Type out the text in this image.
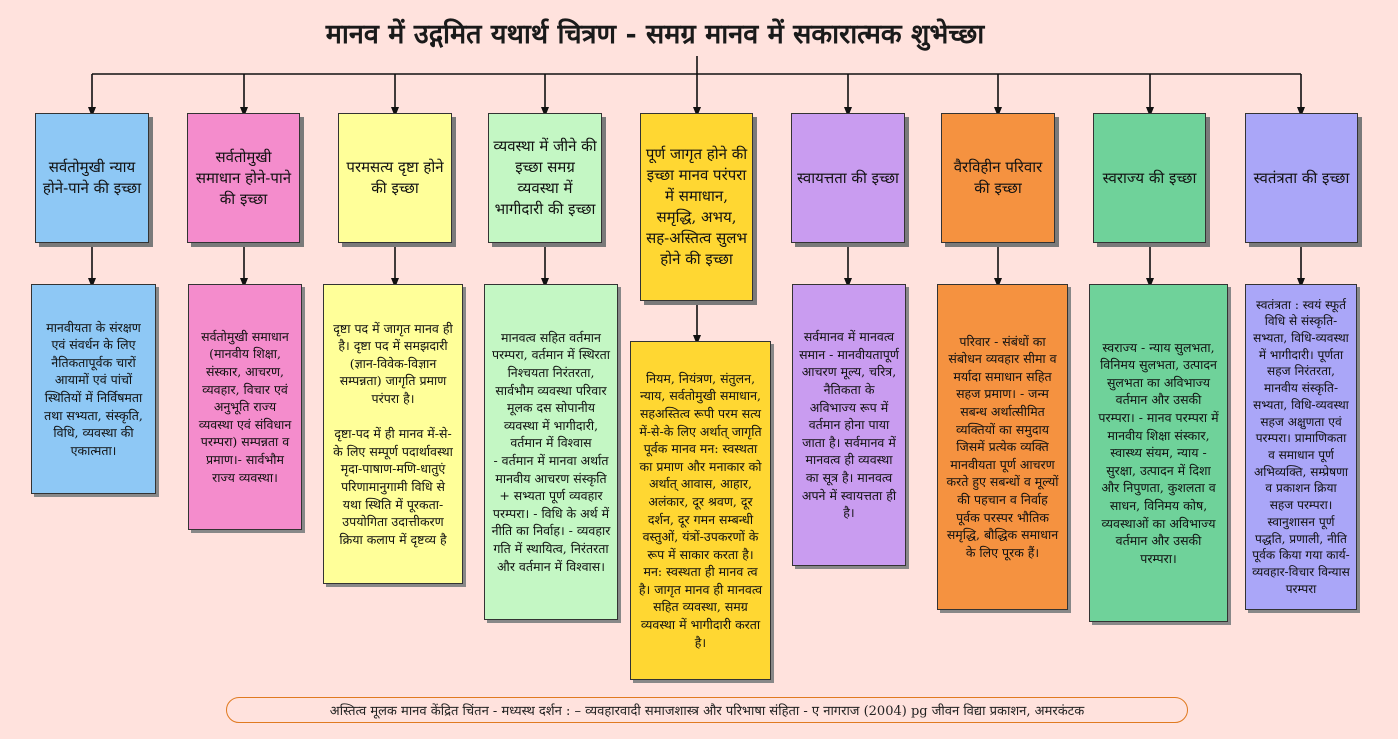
मानव में उद्गमित यथार्थ चित्रण - समग्र मानव में सकारात्मक शुभेच्छा
सर्वतोमुखी न्याय होने-पाने की इच्छा
मानवीयता के संरक्षण एवं संवर्धन के लिए नैतिकतापूर्वक चारों आयामों एवं पांचों स्थितियों में निर्विषमता तथा सभ्यता, संस्कृति, विधि, व्यवस्था की एकात्मता।
सर्वतोमुखी समाधान होने-पाने की इच्छा
सर्वतोमुखी समाधान (मानवीय शिक्षा, संस्कार, आचरण, व्यवहार, विचार एवं अनुभूति राज्य व्यवस्था एवं संविधान परम्परा) सम्पन्नता व प्रमाण।- सार्वभौम राज्य व्यवस्था।
परमसत्य दृष्टा होने की इच्छा
दृष्टा पद में जागृत मानव ही है। दृष्टा पद में समझदारी (ज्ञान-विवेक-विज्ञान सम्पन्नता) जागृति प्रमाण परंपरा है।

दृष्टा-पद में ही मानव में-से-के लिए सम्पूर्ण पदार्थावस्था मृदा-पाषाण-मणि-धातुएं परिणामानुगामी विधि से यथा स्थिति में पूरकता-उपयोगिता उदात्तीकरण क्रिया कलाप में दृष्टव्य है
व्यवस्था में जीने की इच्छा समग्र व्यवस्था में भागीदारी की इच्छा
मानवत्व सहित वर्तमान परम्परा, वर्तमान में स्थिरता निश्चयता निरंतरता, सार्वभौम व्यवस्था परिवार मूलक दस सोपानीय व्यवस्था में भागीदारी, वर्तमान में विश्वास
- वर्तमान में मानवा अर्थात मानवीय आचरण संस्कृति + सभ्यता पूर्ण व्यवहार परम्परा। - विधि के अर्थ में नीति का निर्वाह। - व्यवहार गति में स्थायित्व, निरंतरता और वर्तमान में विश्वास।
पूर्ण जागृत होने की इच्छा मानव परंपरा में समाधान, समृद्धि, अभय, सह-अस्तित्व सुलभ होने की इच्छा
नियम, नियंत्रण, संतुलन, न्याय, सर्वतोमुखी समाधान, सहअस्तित्व रूपी परम सत्य में-से-के लिए अर्थात् जागृति पूर्वक मानव मन: स्वस्थता का प्रमाण और मनाकार को अर्थात् आवास, आहार, अलंकार, दूर श्रवण, दूर दर्शन, दूर गमन सम्बन्धी वस्तुओं, यंत्रों-उपकरणों के रूप में साकार करता है। मन: स्वस्थता ही मानव त्व है। जागृत मानव ही मानवत्व सहित व्यवस्था, समग्र व्यवस्था में भागीदारी करता है।
स्वायत्तता की इच्छा
सर्वमानव में मानवत्व समान - मानवीयतापूर्ण आचरण मूल्य, चरित्र, नैतिकता के अविभाज्य रूप में वर्तमान होना पाया जाता है। सर्वमानव में मानवत्व ही व्यवस्था का सूत्र है। मानवत्व अपने में स्वायत्तता ही है।
वैरविहीन परिवार की इच्छा
परिवार - संबंधों का संबोधन व्यवहार सीमा व मर्यादा समाधान सहित सहज प्रमाण। - जन्म सबन्ध अर्थात्सीमित व्यक्तियों का समुदाय जिसमें प्रत्येक व्यक्ति मानवीयता पूर्ण आचरण करते हुए सबन्धों व मूल्यों की पहचान व निर्वाह पूर्वक परस्पर भौतिक समृद्धि, बौद्धिक समाधान के लिए पूरक हैं।
स्वराज्य की इच्छा
स्वराज्य - न्याय सुलभता, विनिमय सुलभता, उत्पादन सुलभता का अविभाज्य वर्तमान और उसकी परम्परा। - मानव परम्परा में मानवीय शिक्षा संस्कार, स्वास्थ्य संयम, न्याय - सुरक्षा, उत्पादन में दिशा और निपुणता, कुशलता व साधन, विनिमय कोष, व्यवस्थाओं का अविभाज्य वर्तमान और उसकी परम्परा।
स्वतंत्रता की इच्छा
स्वतंत्रता : स्वयं स्फूर्त विधि से संस्कृति-सभ्यता, विधि-व्यवस्था में भागीदारी। पूर्णता सहज निरंतरता, मानवीय संस्कृति-सभ्यता, विधि-व्यवस्था सहज अक्षुणता एवं परम्परा। प्रामाणिकता व समाधान पूर्ण अभिव्यक्ति, सम्प्रेषणा व प्रकाशन क्रिया सहज परम्परा। स्वानुशासन पूर्ण पद्धति, प्रणाली, नीति पूर्वक किया गया कार्य-व्यवहार-विचार विन्यास परम्परा
अस्तित्व मूलक मानव केंद्रित चिंतन - मध्यस्थ दर्शन : – व्यवहारवादी समाजशास्त्र और परिभाषा संहिता - ए नागराज (2004) pg जीवन विद्या प्रकाशन, अमरकंटक
